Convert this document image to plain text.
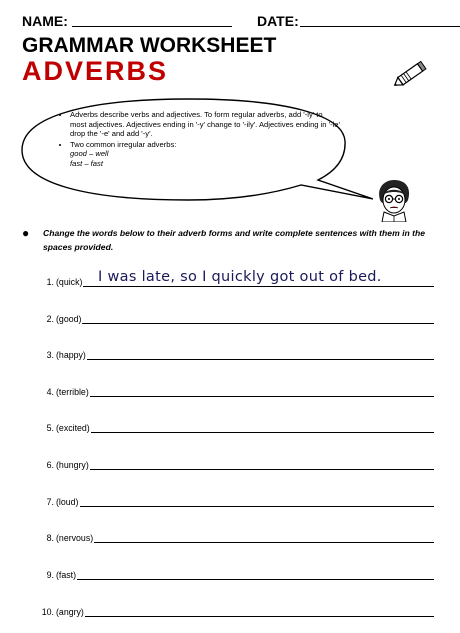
NAME:	DATE:
GRAMMAR WORKSHEET
ADVERBS
• Adverbs describe verbs and adjectives. To form regular adverbs, add '-ly' to most adjectives. Adjectives ending in '-y' change to '-ily'. Adjectives ending in '-le' drop the '-e' and add '-y'.
• Two common irregular adverbs:
good – well
fast – fast
● Change the words below to their adverb forms and write complete sentences with them in the spaces provided.
1. (quick) I was late, so I quickly got out of bed.
2. (good)
3. (happy)
4. (terrible)
5. (excited)
6. (hungry)
7. (loud)
8. (nervous)
9. (fast)
10. (angry)
